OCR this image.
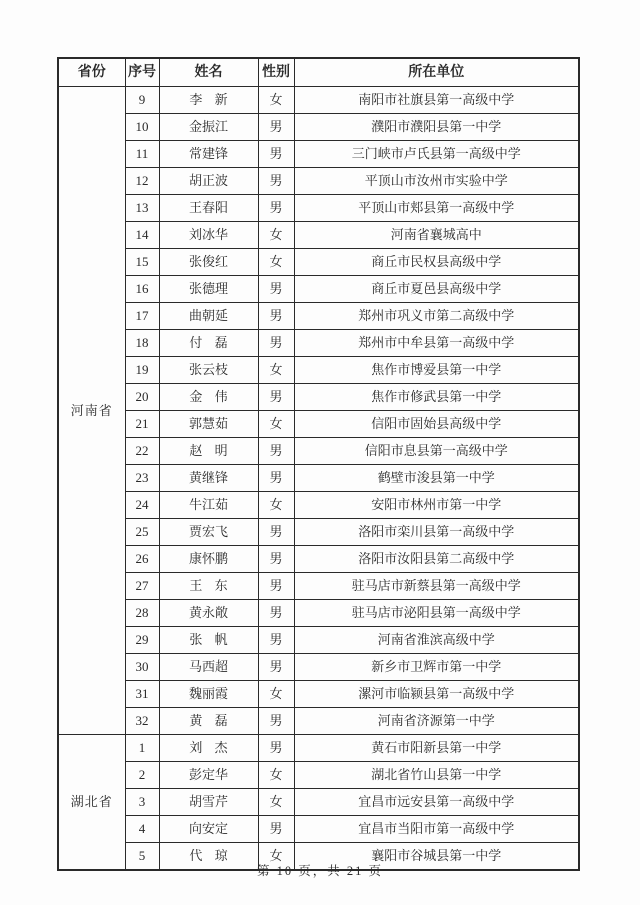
省份	序号	姓名	性别	所在单位
河南省	9	李 新	女	南阳市社旗县第一高级中学
	10	金振江	男	濮阳市濮阳县第一中学
	11	常建锋	男	三门峡市卢氏县第一高级中学
	12	胡正波	男	平顶山市汝州市实验中学
	13	王春阳	男	平顶山市郏县第一高级中学
	14	刘冰华	女	河南省襄城高中
	15	张俊红	女	商丘市民权县高级中学
	16	张德理	男	商丘市夏邑县高级中学
	17	曲朝延	男	郑州市巩义市第二高级中学
	18	付 磊	男	郑州市中牟县第一高级中学
	19	张云枝	女	焦作市博爱县第一中学
	20	金 伟	男	焦作市修武县第一中学
	21	郭慧茹	女	信阳市固始县高级中学
	22	赵 明	男	信阳市息县第一高级中学
	23	黄继锋	男	鹤壁市浚县第一中学
	24	牛江茹	女	安阳市林州市第一中学
	25	贾宏飞	男	洛阳市栾川县第一高级中学
	26	康怀鹏	男	洛阳市汝阳县第二高级中学
	27	王 东	男	驻马店市新蔡县第一高级中学
	28	黄永敞	男	驻马店市泌阳县第一高级中学
	29	张 帆	男	河南省淮滨高级中学
	30	马西超	男	新乡市卫辉市第一中学
	31	魏丽霞	女	漯河市临颍县第一高级中学
	32	黄 磊	男	河南省济源第一中学
湖北省	1	刘 杰	男	黄石市阳新县第一中学
	2	彭定华	女	湖北省竹山县第一中学
	3	胡雪芹	女	宜昌市远安县第一高级中学
	4	向安定	男	宜昌市当阳市第一高级中学
	5	代 琼	女	襄阳市谷城县第一中学
第 10 页，共 21 页
